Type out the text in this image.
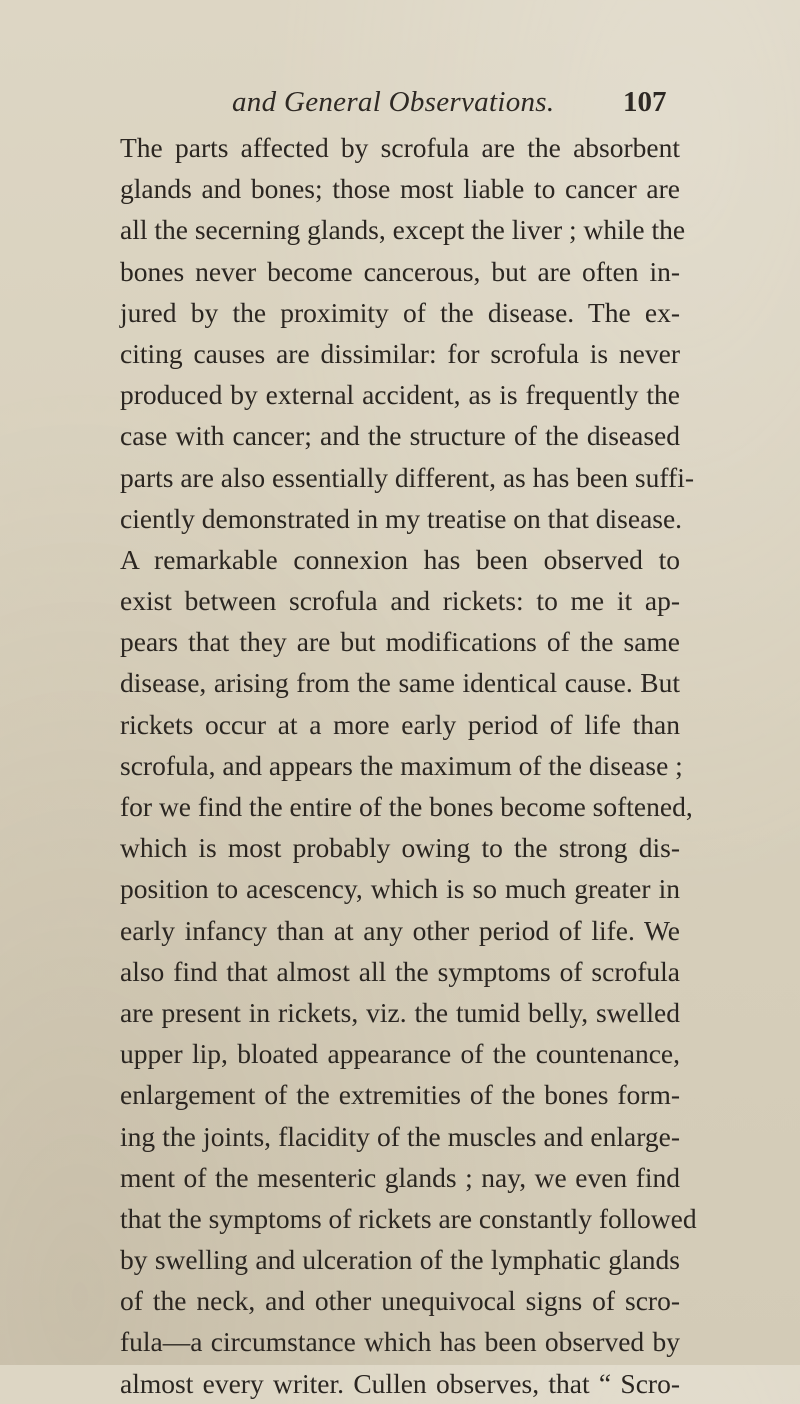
and General Observations. 107
The parts affected by scrofula are the absorbent
glands and bones; those most liable to cancer are
all the secerning glands, except the liver ; while the
bones never become cancerous, but are often in-
jured by the proximity of the disease. The ex-
citing causes are dissimilar: for scrofula is never
produced by external accident, as is frequently the
case with cancer; and the structure of the diseased
parts are also essentially different, as has been suffi-
ciently demonstrated in my treatise on that disease.
A remarkable connexion has been observed to
exist between scrofula and rickets: to me it ap-
pears that they are but modifications of the same
disease, arising from the same identical cause. But
rickets occur at a more early period of life than
scrofula, and appears the maximum of the disease ;
for we find the entire of the bones become softened,
which is most probably owing to the strong dis-
position to acescency, which is so much greater in
early infancy than at any other period of life. We
also find that almost all the symptoms of scrofula
are present in rickets, viz. the tumid belly, swelled
upper lip, bloated appearance of the countenance,
enlargement of the extremities of the bones form-
ing the joints, flacidity of the muscles and enlarge-
ment of the mesenteric glands ; nay, we even find
that the symptoms of rickets are constantly followed
by swelling and ulceration of the lymphatic glands
of the neck, and other unequivocal signs of scro-
fula—a circumstance which has been observed by
almost every writer. Cullen observes, that “ Scro-
